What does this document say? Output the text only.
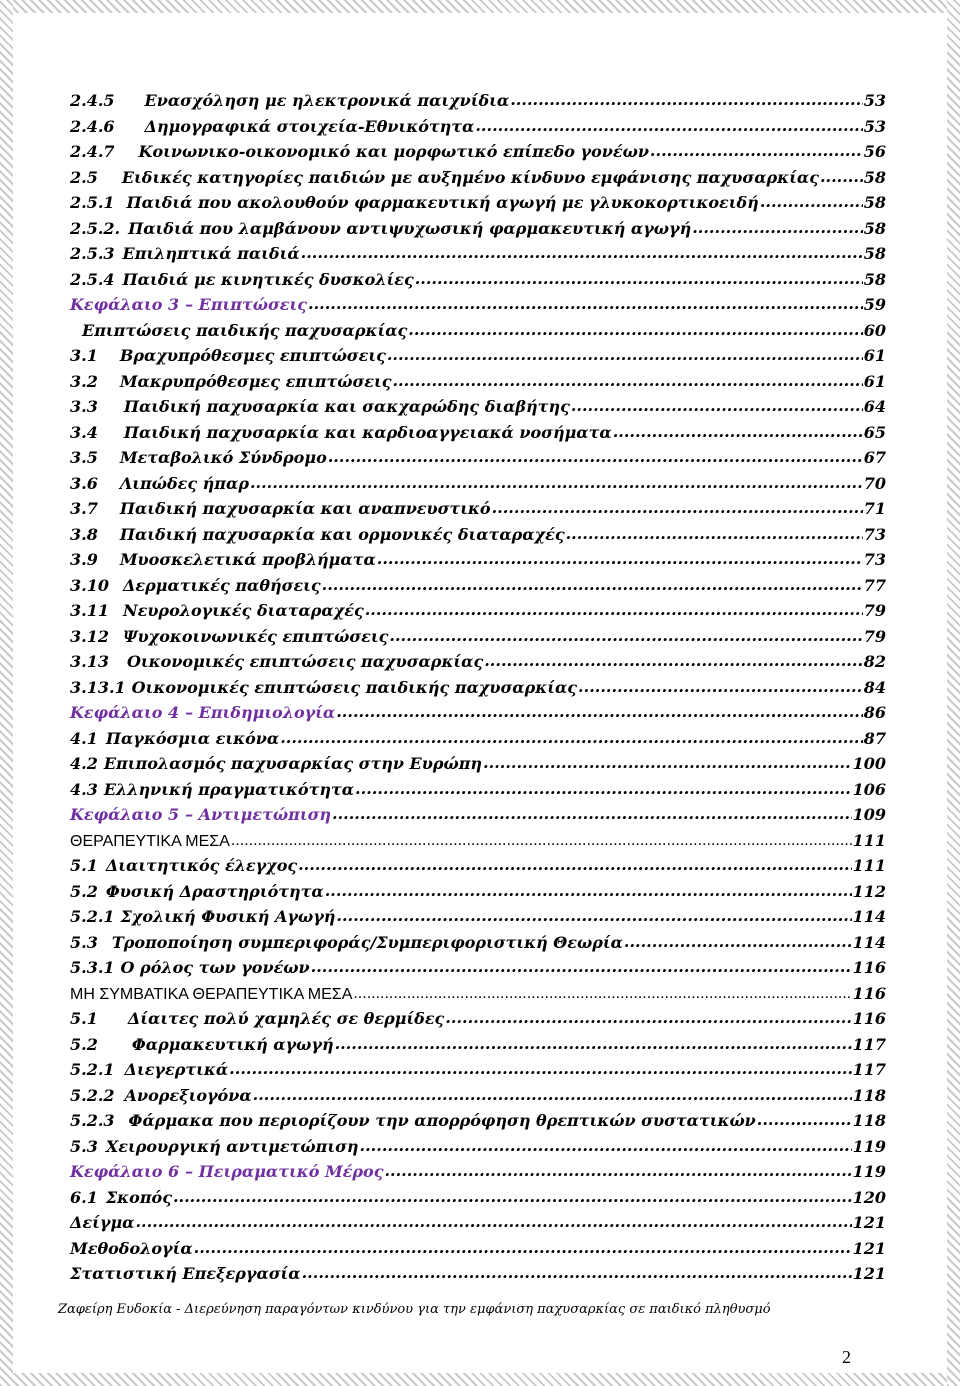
2.4.5 Ενασχόληση με ηλεκτρονικά παιχνίδια .....	53
2.4.6 Δημογραφικά στοιχεία-Εθνικότητα .....	53
2.4.7 Κοινωνικο-οικονομικό και μορφωτικό επίπεδο γονέων .....	56
2.5 Ειδικές κατηγορίες παιδιών με αυξημένο κίνδυνο εμφάνισης παχυσαρκίας .....	58
2.5.1 Παιδιά που ακολουθούν φαρμακευτική αγωγή με γλυκοκορτικοειδή .....	58
2.5.2. Παιδιά που λαμβάνουν αντιψυχωσική φαρμακευτική αγωγή .....	58
2.5.3 Επιληπτικά παιδιά .....	58
2.5.4 Παιδιά με κινητικές δυσκολίες .....	58
Κεφάλαιο 3 – Επιπτώσεις .....	59
Επιπτώσεις παιδικής παχυσαρκίας .....	60
3.1 Βραχυπρόθεσμες επιπτώσεις .....	61
3.2 Μακρυπρόθεσμες επιπτώσεις .....	61
3.3 Παιδική παχυσαρκία και σακχαρώδης διαβήτης .....	64
3.4 Παιδική παχυσαρκία και καρδιοαγγειακά νοσήματα .....	65
3.5 Μεταβολικό Σύνδρομο .....	67
3.6 Λιπώδες ήπαρ .....	70
3.7 Παιδική παχυσαρκία και αναπνευστικό .....	71
3.8 Παιδική παχυσαρκία και ορμονικές διαταραχές .....	73
3.9 Μυοσκελετικά προβλήματα .....	73
3.10 Δερματικές παθήσεις .....	77
3.11 Νευρολογικές διαταραχές .....	79
3.12 Ψυχοκοινωνικές επιπτώσεις .....	79
3.13 Οικονομικές επιπτώσεις παχυσαρκίας .....	82
3.13.1 Οικονομικές επιπτώσεις παιδικής παχυσαρκίας .....	84
Κεφάλαιο 4 – Επιδημιολογία .....	86
4.1 Παγκόσμια εικόνα .....	87
4.2 Επιπολασμός παχυσαρκίας στην Ευρώπη .....	100
4.3 Ελληνική πραγματικότητα .....	106
Κεφάλαιο 5 – Αντιμετώπιση .....	109
ΘΕΡΑΠΕΥΤΙΚΑ ΜΕΣΑ .....	111
5.1 Διαιτητικός έλεγχος .....	111
5.2 Φυσική Δραστηριότητα .....	112
5.2.1 Σχολική Φυσική Αγωγή .....	114
5.3 Τροποποίηση συμπεριφοράς/Συμπεριφοριστική Θεωρία .....	114
5.3.1 Ο ρόλος των γονέων .....	116
ΜΗ ΣΥΜΒΑΤΙΚΑ ΘΕΡΑΠΕΥΤΙΚΑ ΜΕΣΑ .....	116
5.1 Δίαιτες πολύ χαμηλές σε θερμίδες .....	116
5.2 Φαρμακευτική αγωγή .....	117
5.2.1 Διεγερτικά .....	117
5.2.2 Ανορεξιογόνα .....	118
5.2.3 Φάρμακα που περιορίζουν την απορρόφηση θρεπτικών συστατικών .....	118
5.3 Χειρουργική αντιμετώπιση .....	119
Κεφάλαιο 6 – Πειραματικό Μέρος .....	119
6.1 Σκοπός .....	120
Δείγμα .....	121
Μεθοδολογία .....	121
Στατιστική Επεξεργασία .....	121
Ζαφείρη Ευδοκία - Διερεύνηση παραγόντων κινδύνου για την εμφάνιση παχυσαρκίας σε παιδικό πληθυσμό
2
